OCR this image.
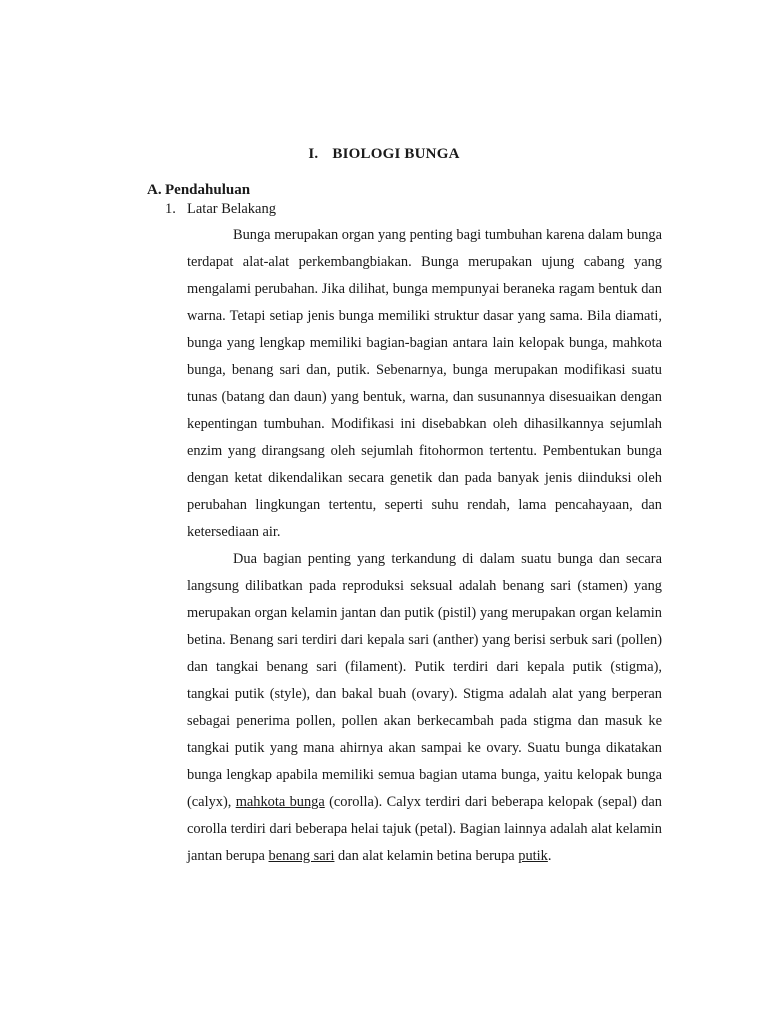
I. BIOLOGI BUNGA
A. Pendahuluan
1. Latar Belakang

Bunga merupakan organ yang penting bagi tumbuhan karena dalam bunga terdapat alat-alat perkembangbiakan. Bunga merupakan ujung cabang yang mengalami perubahan. Jika dilihat, bunga mempunyai beraneka ragam bentuk dan warna. Tetapi setiap jenis bunga memiliki struktur dasar yang sama. Bila diamati, bunga yang lengkap memiliki bagian-bagian antara lain kelopak bunga, mahkota bunga, benang sari dan, putik. Sebenarnya, bunga merupakan modifikasi suatu tunas (batang dan daun) yang bentuk, warna, dan susunannya disesuaikan dengan kepentingan tumbuhan. Modifikasi ini disebabkan oleh dihasilkannya sejumlah enzim yang dirangsang oleh sejumlah fitohormon tertentu. Pembentukan bunga dengan ketat dikendalikan secara genetik dan pada banyak jenis diinduksi oleh perubahan lingkungan tertentu, seperti suhu rendah, lama pencahayaan, dan ketersediaan air.

Dua bagian penting yang terkandung di dalam suatu bunga dan secara langsung dilibatkan pada reproduksi seksual adalah benang sari (stamen) yang merupakan organ kelamin jantan dan putik (pistil) yang merupakan organ kelamin betina. Benang sari terdiri dari kepala sari (anther) yang berisi serbuk sari (pollen) dan tangkai benang sari (filament). Putik terdiri dari kepala putik (stigma), tangkai putik (style), dan bakal buah (ovary). Stigma adalah alat yang berperan sebagai penerima pollen, pollen akan berkecambah pada stigma dan masuk ke tangkai putik yang mana ahirnya akan sampai ke ovary. Suatu bunga dikatakan bunga lengkap apabila memiliki semua bagian utama bunga, yaitu kelopak bunga (calyx), mahkota bunga (corolla). Calyx terdiri dari beberapa kelopak (sepal) dan corolla terdiri dari beberapa helai tajuk (petal). Bagian lainnya adalah alat kelamin jantan berupa benang sari dan alat kelamin betina berupa putik.
